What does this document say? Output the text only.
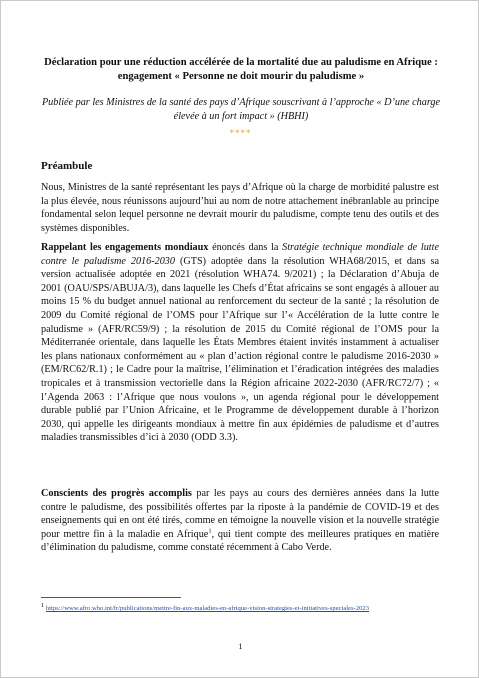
Déclaration pour une réduction accélérée de la mortalité due au paludisme en Afrique : engagement « Personne ne doit mourir du paludisme »
Publiée par les Ministres de la santé des pays d’Afrique souscrivant à l’approche « D’une charge élevée à un fort impact » (HBHI)
****
Préambule
Nous, Ministres de la santé représentant les pays d’Afrique où la charge de morbidité palustre est la plus élevée, nous réunissons aujourd’hui au nom de notre attachement inébranlable au principe fondamental selon lequel personne ne devrait mourir du paludisme, compte tenu des outils et des systèmes disponibles.
Rappelant les engagements mondiaux énoncés dans la Stratégie technique mondiale de lutte contre le paludisme 2016-2030 (GTS) adoptée dans la résolution WHA68/2015, et dans sa version actualisée adoptée en 2021 (résolution WHA74. 9/2021) ; la Déclaration d’Abuja de 2001 (OAU/SPS/ABUJA/3), dans laquelle les Chefs d’État africains se sont engagés à allouer au moins 15 % du budget annuel national au renforcement du secteur de la santé ; la résolution de 2009 du Comité régional de l’OMS pour l’Afrique sur l’« Accélération de la lutte contre le paludisme » (AFR/RC59/9) ; la résolution de 2015 du Comité régional de l’OMS pour la Méditerranée orientale, dans laquelle les États Membres étaient invités instamment à actualiser les plans nationaux conformément au « plan d’action régional contre le paludisme 2016-2030 » (EM/RC62/R.1) ; le Cadre pour la maîtrise, l’élimination et l’éradication intégrées des maladies tropicales et à transmission vectorielle dans la Région africaine 2022-2030 (AFR/RC72/7) ; « l’Agenda 2063 : l’Afrique que nous voulons », un agenda régional pour le développement durable publié par l’Union Africaine, et le Programme de développement durable à l’horizon 2030, qui appelle les dirigeants mondiaux à mettre fin aux épidémies de paludisme et d’autres maladies transmissibles d’ici à 2030 (ODD 3.3).
Conscients des progrès accomplis par les pays au cours des dernières années dans la lutte contre le paludisme, des possibilités offertes par la riposte à la pandémie de COVID-19 et des enseignements qui en ont été tirés, comme en témoigne la nouvelle vision et la nouvelle stratégie pour mettre fin à la maladie en Afrique$^1$, qui tient compte des meilleures pratiques en matière d’élimination du paludisme, comme constaté récemment à Cabo Verde.
$^1$ https://www.afro.who.int/fr/publications/mettre-fin-aux-maladies-en-afrique-vision-strategies-et-initiatives-speciales-2023
1
